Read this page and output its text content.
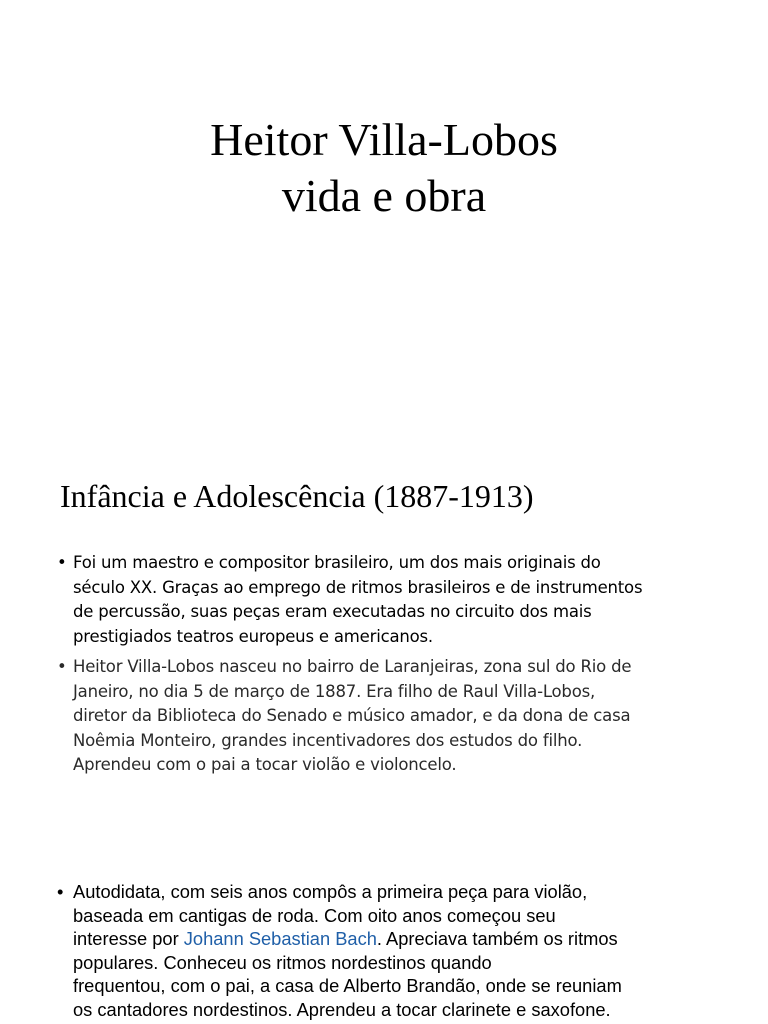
Heitor Villa-Lobos
vida e obra
Infância e Adolescência (1887-1913)
• Foi um maestro e compositor brasileiro, um dos mais originais do
século XX. Graças ao emprego de ritmos brasileiros e de instrumentos
de percussão, suas peças eram executadas no circuito dos mais
prestigiados teatros europeus e americanos.
• Heitor Villa-Lobos nasceu no bairro de Laranjeiras, zona sul do Rio de
Janeiro, no dia 5 de março de 1887. Era filho de Raul Villa-Lobos,
diretor da Biblioteca do Senado e músico amador, e da dona de casa
Noêmia Monteiro, grandes incentivadores dos estudos do filho.
Aprendeu com o pai a tocar violão e violoncelo.
• Autodidata, com seis anos compôs a primeira peça para violão,
baseada em cantigas de roda. Com oito anos começou seu
interesse por Johann Sebastian Bach. Apreciava também os ritmos
populares. Conheceu os ritmos nordestinos quando
frequentou, com o pai, a casa de Alberto Brandão, onde se reuniam
os cantadores nordestinos. Aprendeu a tocar clarinete e saxofone.
